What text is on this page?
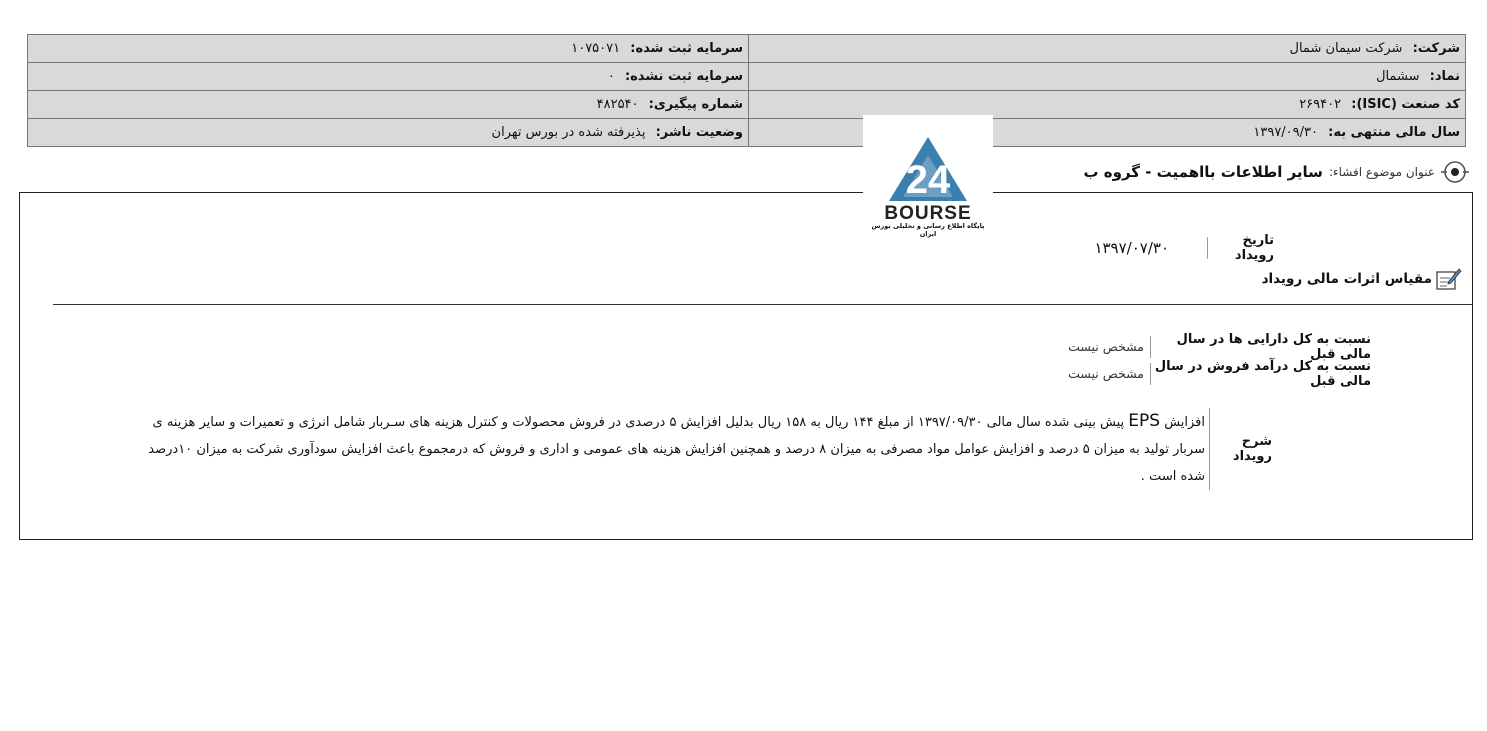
شرکت: شرکت سیمان شمال	سرمایه ثبت شده: ۱۰۷۵۰۷۱
نماد: سشمال	سرمایه ثبت نشده: ۰
کد صنعت (ISIC): ۲۶۹۴۰۲	شماره پیگیری: ۴۸۲۵۴۰
سال مالی منتهی به: ۱۳۹۷/۰۹/۳۰	وضعیت ناشر: پذیرفته شده در بورس تهران
24
BOURSE
پایگاه اطلاع رسانی و تحلیلی بورس ایران
عنوان موضوع افشاء:
سایر اطلاعات بااهمیت - گروه ب
تاریخ رویداد
۱۳۹۷/۰۷/۳۰
مقیاس اثرات مالی رویداد
نسبت به کل دارایی ها در سال مالی قبل
مشخص نیست
نسبت به کل درآمد فروش در سال مالی قبل
مشخص نیست
شرح رویداد
افزایش EPS پیش بینی شده سال مالی ۱۳۹۷/۰۹/۳۰ از مبلغ ۱۴۴ ریال به ۱۵۸ ریال بدلیل افزایش ۵ درصدی در فروش محصولات و کنترل هزینه های سـربار شامل انرژی و تعمیرات و سایر هزینه ی سربار تولید به میزان ۵ درصد و افزایش عوامل مواد مصرفی به میزان ۸ درصد و همچنین افزایش هزینه های عمومی و اداری و فروش که درمجموع باعث افزایش سودآوری شرکت به میزان ۱۰درصد شده است .
